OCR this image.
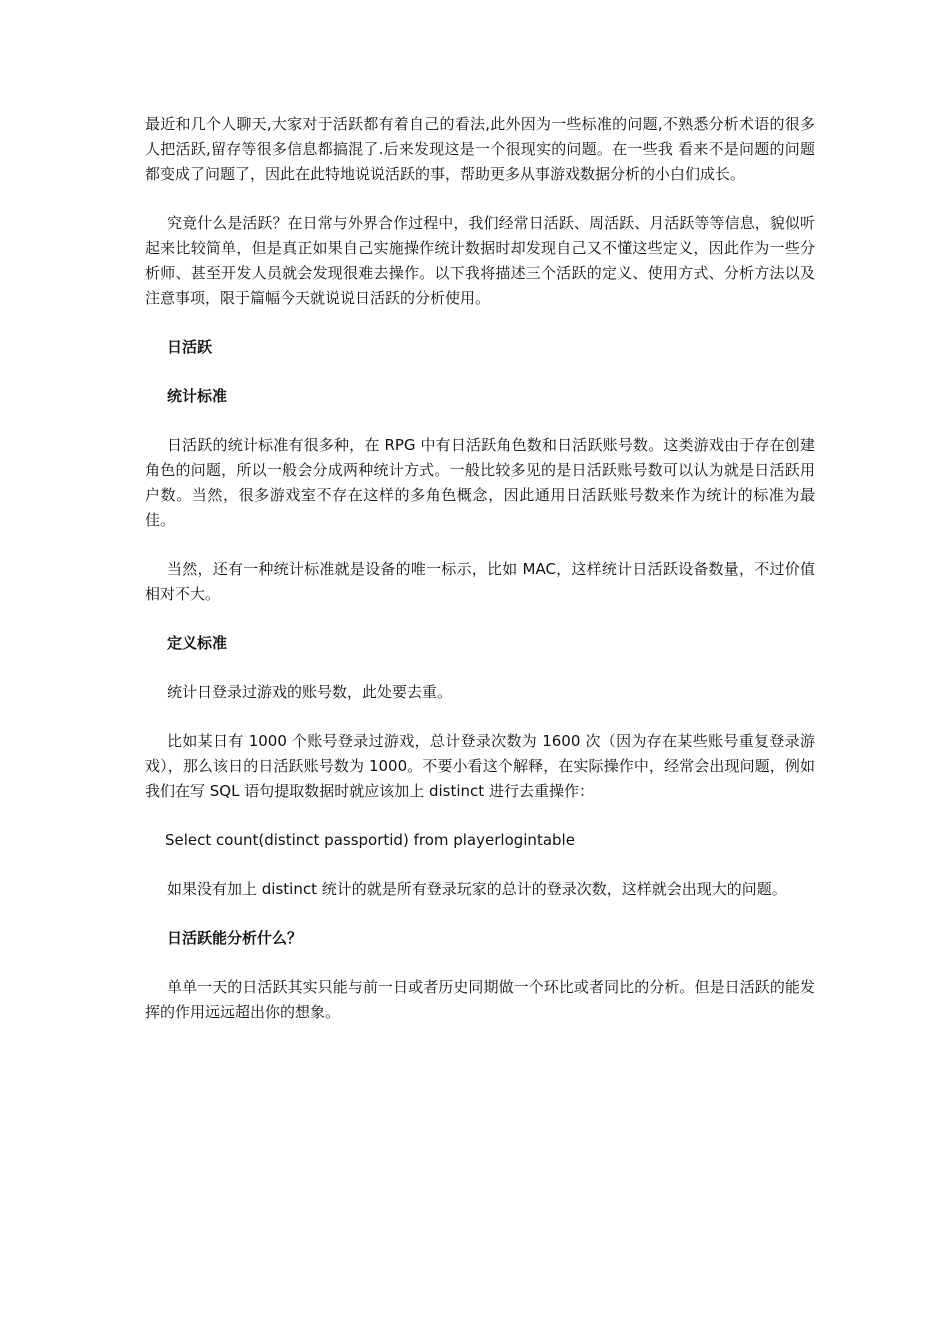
最近和几个人聊天,大家对于活跃都有着自己的看法,此外因为一些标准的问题,不熟悉分析术语的很多人把活跃,留存等很多信息都搞混了.后来发现这是一个很现实的问题。在一些我 看来不是问题的问题都变成了问题了，因此在此特地说说活跃的事，帮助更多从事游戏数据分析的小白们成长。

究竟什么是活跃？在日常与外界合作过程中，我们经常日活跃、周活跃、月活跃等等信息，貌似听起来比较简单，但是真正如果自己实施操作统计数据时却发现自己又不懂这些定义，因此作为一些分析师、甚至开发人员就会发现很难去操作。以下我将描述三个活跃的定义、使用方式、分析方法以及注意事项，限于篇幅今天就说说日活跃的分析使用。

日活跃
统计标准

日活跃的统计标准有很多种，在 RPG 中有日活跃角色数和日活跃账号数。这类游戏由于存在创建角色的问题，所以一般会分成两种统计方式。一般比较多见的是日活跃账号数可以认为就是日活跃用户数。当然，很多游戏室不存在这样的多角色概念，因此通用日活跃账号数来作为统计的标准为最佳。

当然，还有一种统计标准就是设备的唯一标示，比如 MAC，这样统计日活跃设备数量，不过价值相对不大。

定义标准

统计日登录过游戏的账号数，此处要去重。

比如某日有 1000 个账号登录过游戏，总计登录次数为 1600 次（因为存在某些账号重复登录游戏），那么该日的日活跃账号数为 1000。不要小看这个解释，在实际操作中，经常会出现问题，例如我们在写 SQL 语句提取数据时就应该加上 distinct 进行去重操作：

Select count(distinct passportid) from playerlogintable

如果没有加上 distinct 统计的就是所有登录玩家的总计的登录次数，这样就会出现大的问题。

日活跃能分析什么？

单单一天的日活跃其实只能与前一日或者历史同期做一个环比或者同比的分析。但是日活跃的能发挥的作用远远超出你的想象。
